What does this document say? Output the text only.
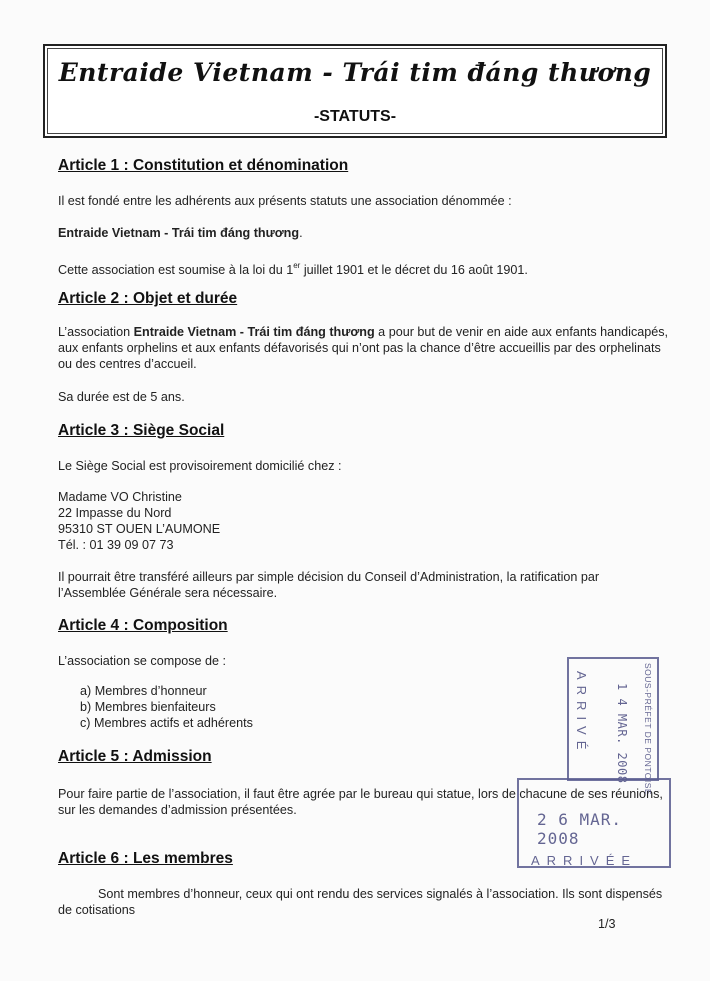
Entraide Vietnam - Trái tim đáng thương
-STATUTS-
Article 1 : Constitution et dénomination
Il est fondé entre les adhérents aux présents statuts une association dénommée :
Entraide Vietnam - Trái tim đáng thương.
Cette association est soumise à la loi du 1er juillet 1901 et le décret du 16 août 1901.
Article 2 : Objet et durée
L’association Entraide Vietnam - Trái tim đáng thương a pour but de venir en aide aux enfants handicapés, aux enfants orphelins et aux enfants défavorisés qui n’ont pas la chance d’être accueillis par des orphelinats ou des centres d’accueil.
Sa durée est de 5 ans.
Article 3 : Siège Social
Le Siège Social est provisoirement domicilié chez :
Madame VO Christine
22 Impasse du Nord
95310 ST OUEN L’AUMONE
Tél. : 01 39 09 07 73
Il pourrait être transféré ailleurs par simple décision du Conseil d’Administration, la ratification par l’Assemblée Générale sera nécessaire.
Article 4 : Composition
L’association se compose de :
a) Membres d’honneur
b) Membres bienfaiteurs
c) Membres actifs et adhérents
Article 5 : Admission
Pour faire partie de l’association, il faut être agrée par le bureau qui statue, lors de chacune de ses réunions, sur les demandes d’admission présentées.
Article 6 : Les membres
Sont membres d’honneur, ceux qui ont rendu des services signalés à l’association. Ils sont dispensés de cotisations
1/3
SOUS-PRÉFET DE PONTOISE
1 4 MAR. 2008
ARRIVÉ
2 6 MAR. 2008
ARRIVÉE
